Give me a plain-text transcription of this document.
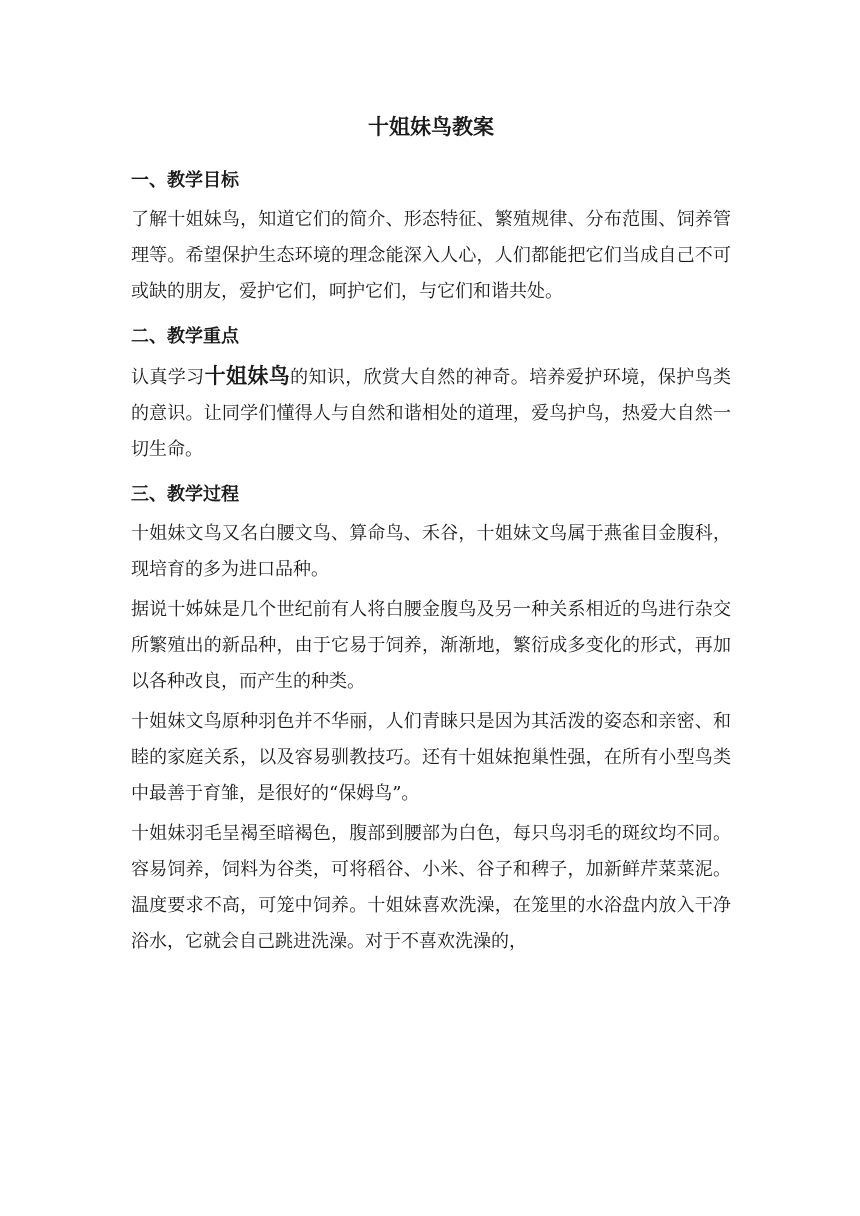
十姐妹鸟教案
一、教学目标

了解十姐妹鸟，知道它们的简介、形态特征、繁殖规律、分布范围、饲养管理等。希望保护生态环境的理念能深入人心，人们都能把它们当成自己不可或缺的朋友，爱护它们，呵护它们，与它们和谐共处。

二、教学重点

认真学习十姐妹鸟的知识，欣赏大自然的神奇。培养爱护环境，保护鸟类的意识。让同学们懂得人与自然和谐相处的道理，爱鸟护鸟，热爱大自然一切生命。

三、教学过程

十姐妹文鸟又名白腰文鸟、算命鸟、禾谷，十姐妹文鸟属于燕雀目金腹科，现培育的多为进口品种。

据说十姊妹是几个世纪前有人将白腰金腹鸟及另一种关系相近的鸟进行杂交所繁殖出的新品种，由于它易于饲养，渐渐地，繁衍成多变化的形式，再加以各种改良，而产生的种类。

十姐妹文鸟原种羽色并不华丽，人们青睐只是因为其活泼的姿态和亲密、和睦的家庭关系，以及容易驯教技巧。还有十姐妹抱巢性强，在所有小型鸟类中最善于育雏，是很好的“保姆鸟”。

十姐妹羽毛呈褐至暗褐色，腹部到腰部为白色，每只鸟羽毛的斑纹均不同。容易饲养，饲料为谷类，可将稻谷、小米、谷子和稗子，加新鲜芹菜菜泥。温度要求不高，可笼中饲养。十姐妹喜欢洗澡，在笼里的水浴盘内放入干净浴水，它就会自己跳进洗澡。对于不喜欢洗澡的，
